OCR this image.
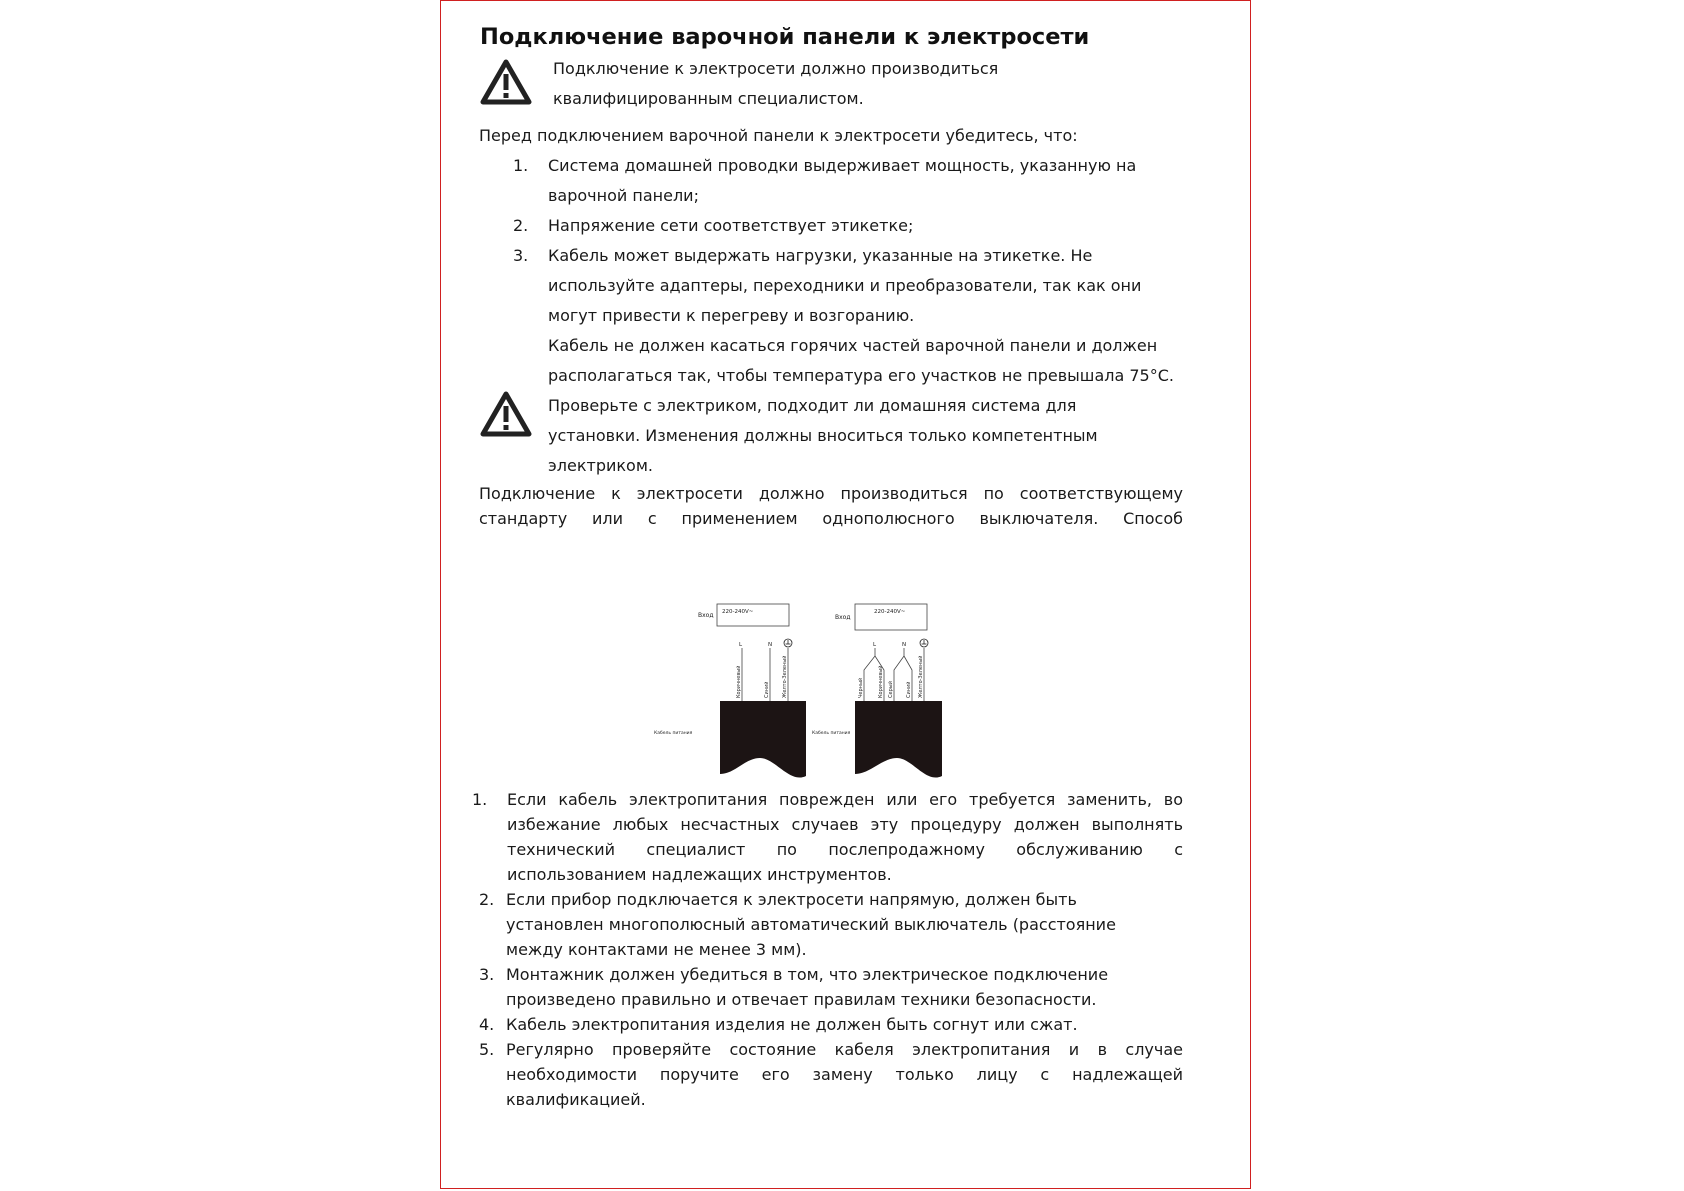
Подключение варочной панели к электросети
Подключение к электросети должно производиться
квалифицированным специалистом.
Перед подключением варочной панели к электросети убедитесь, что:
1. Система домашней проводки выдерживает мощность, указанную на
варочной панели;
2. Напряжение сети соответствует этикетке;
3. Кабель может выдержать нагрузки, указанные на этикетке. Не
используйте адаптеры, переходники и преобразователи, так как они
могут привести к перегреву и возгоранию.
Кабель не должен касаться горячих частей варочной панели и должен
располагаться так, чтобы температура его участков не превышала 75°C.
Проверьте с электриком, подходит ли домашняя система для
установки. Изменения должны вноситься только компетентным
электриком.
Подключение к электросети должно производиться по соответствующему
стандарту или с применением однополюсного выключателя. Способ
Вход 220-240V~
L	N
Коричневый	Синий Желто-Зеленый
Кабель питания
Вход
220-240V~
L	N
Черный	Коричневый Серый Синий Желто-Зеленый
Кабель питания
1. Если кабель электропитания поврежден или его требуется заменить, во
избежание любых несчастных случаев эту процедуру должен выполнять
технический специалист по послепродажному обслуживанию с
использованием надлежащих инструментов.
2. Если прибор подключается к электросети напрямую, должен быть
установлен многополюсный автоматический выключатель (расстояние
между контактами не менее 3 мм).
3. Монтажник должен убедиться в том, что электрическое подключение
произведено правильно и отвечает правилам техники безопасности.
4. Кабель электропитания изделия не должен быть согнут или сжат.
5. Регулярно проверяйте состояние кабеля электропитания и в случае
необходимости поручите его замену только лицу с надлежащей
квалификацией.
